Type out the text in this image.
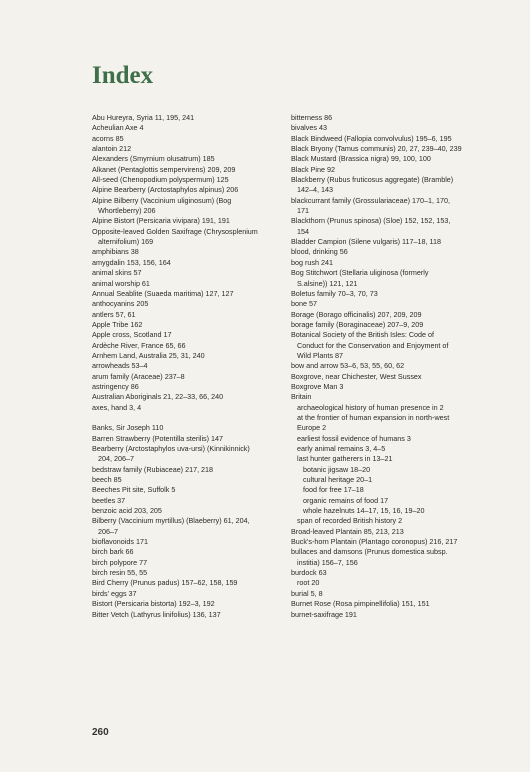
Index
Abu Hureyra, Syria 11, 195, 241
Acheulian Axe 4
acorns 85
alantoin 212
Alexanders (Smyrnium olusatrum) 185
Alkanet (Pentaglottis sempervirens) 209, 209
All-seed (Chenopodium polyspermum) 125
Alpine Bearberry (Arctostaphylos alpinus) 206
Alpine Bilberry (Vaccinium uliginosum) (Bog
Whortleberry) 206
Alpine Bistort (Persicaria vivipara) 191, 191
Opposite-leaved Golden Saxifrage (Chrysosplenium
alternifolium) 169
amphibians 38
amygdalin 153, 156, 164
animal skins 57
animal worship 61
Annual Seablite (Suaeda maritima) 127, 127
anthocyanins 205
antlers 57, 61
Apple Tribe 162
Apple cross, Scotland 17
Ardèche River, France 65, 66
Arnhem Land, Australia 25, 31, 240
arrowheads 53–4
arum family (Araceae) 237–8
astringency 86
Australian Aboriginals 21, 22–33, 66, 240
axes, hand 3, 4
Banks, Sir Joseph 110
Barren Strawberry (Potentilla sterilis) 147
Bearberry (Arctostaphylos uva-ursi) (Kinnikinnick)
204, 206–7
bedstraw family (Rubiaceae) 217, 218
beech 85
Beeches Pit site, Suffolk 5
beetles 37
benzoic acid 203, 205
Bilberry (Vaccinium myrtillus) (Blaeberry) 61, 204,
206–7
bioflavonoids 171
birch bark 66
birch polypore 77
birch resin 55, 55
Bird Cherry (Prunus padus) 157–62, 158, 159
birds' eggs 37
Bistort (Persicaria bistorta) 192–3, 192
Bitter Vetch (Lathyrus linifolius) 136, 137
bitterness 86
bivalves 43
Black Bindweed (Fallopia convolvulus) 195–6, 195
Black Bryony (Tamus communis) 20, 27, 239–40, 239
Black Mustard (Brassica nigra) 99, 100, 100
Black Pine 92
Blackberry (Rubus fruticosus aggregate) (Bramble)
142–4, 143
blackcurrant family (Grossulariaceae) 170–1, 170,
171
Blackthorn (Prunus spinosa) (Sloe) 152, 152, 153,
154
Bladder Campion (Silene vulgaris) 117–18, 118
blood, drinking 56
bog rush 241
Bog Stitchwort (Stellaria uliginosa (formerly
S.alsine)) 121, 121
Boletus family 70–3, 70, 73
bone 57
Borage (Borago officinalis) 207, 209, 209
borage family (Boraginaceae) 207–9, 209
Botanical Society of the British Isles: Code of
Conduct for the Conservation and Enjoyment of
Wild Plants 87
bow and arrow 53–6, 53, 55, 60, 62
Boxgrove, near Chichester, West Sussex
Boxgrove Man 3
Britain
archaeological history of human presence in 2
at the frontier of human expansion in north-west
Europe 2
earliest fossil evidence of humans 3
early animal remains 3, 4–5
last hunter gatherers in 13–21
botanic jigsaw 18–20
cultural heritage 20–1
food for free 17–18
organic remains of food 17
whole hazelnuts 14–17, 15, 16, 19–20
span of recorded British history 2
Broad-leaved Plantain 85, 213, 213
Buck's-horn Plantain (Plantago coronopus) 216, 217
bullaces and damsons (Prunus domestica subsp.
institia) 156–7, 156
burdock 63
root 20
burial 5, 8
Burnet Rose (Rosa pimpinellifolia) 151, 151
burnet-saxifrage 191
260
